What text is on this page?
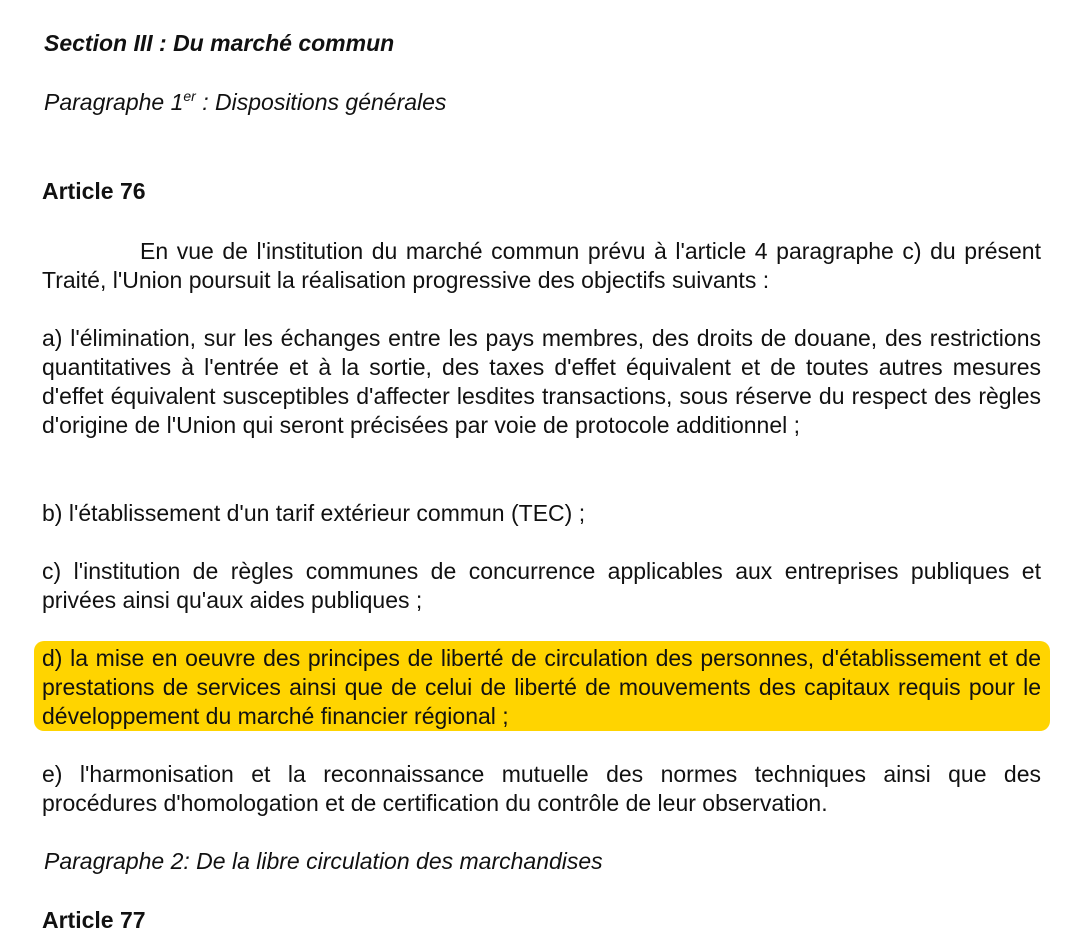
Section III : Du marché commun
Paragraphe 1er : Dispositions générales
Article 76

En vue de l'institution du marché commun prévu à l'article 4 paragraphe c) du présent Traité, l'Union poursuit la réalisation progressive des objectifs suivants :

a) l'élimination, sur les échanges entre les pays membres, des droits de douane, des restrictions quantitatives à l'entrée et à la sortie, des taxes d'effet équivalent et de toutes autres mesures d'effet équivalent susceptibles d'affecter lesdites transactions, sous réserve du respect des règles d'origine de l'Union qui seront précisées par voie de protocole additionnel ;

b) l'établissement d'un tarif extérieur commun (TEC) ;

c) l'institution de règles communes de concurrence applicables aux entreprises publiques et privées ainsi qu'aux aides publiques ;

d) la mise en oeuvre des principes de liberté de circulation des personnes, d'établissement et de prestations de services ainsi que de celui de liberté de mouvements des capitaux requis pour le développement du marché financier régional ;

e) l'harmonisation et la reconnaissance mutuelle des normes techniques ainsi que des procédures d'homologation et de certification du contrôle de leur observation.

Paragraphe 2: De la libre circulation des marchandises
Article 77
